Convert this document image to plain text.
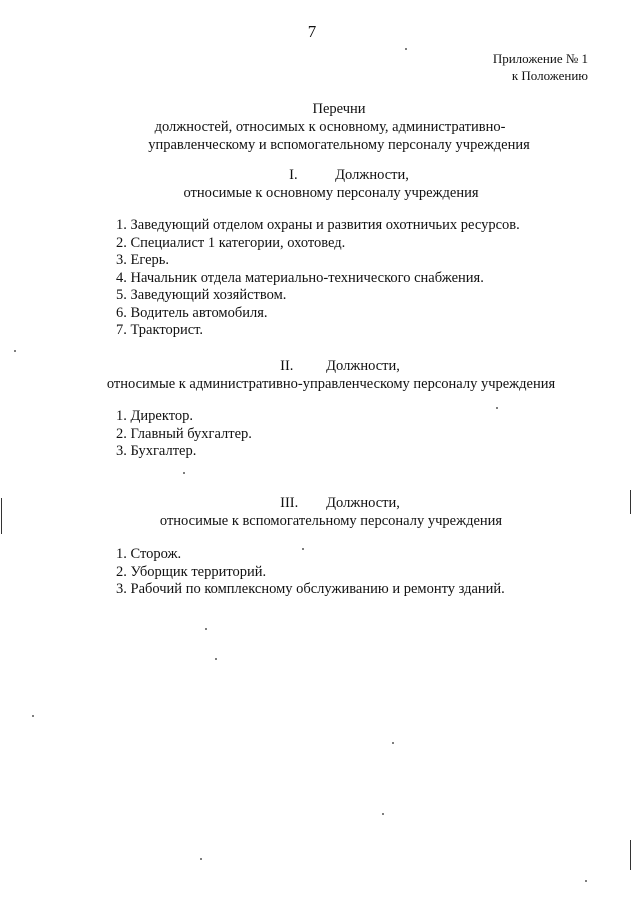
7
Приложение № 1
к Положению
Перечни
должностей, относимых к основному, административно-
управленческому и вспомогательному персоналу учреждения
I.	Должности,
относимые к основному персоналу учреждения
1. Заведующий отделом охраны и развития охотничьих ресурсов.
2. Специалист 1 категории, охотовед.
3. Егерь.
4. Начальник отдела материально-технического снабжения.
5. Заведующий хозяйством.
6. Водитель автомобиля.
7. Тракторист.
II. Должности,
относимые к административно-управленческому персоналу учреждения
1. Директор.
2. Главный бухгалтер.
3. Бухгалтер.
III. Должности,
относимые к вспомогательному персоналу учреждения
1. Сторож.
2. Уборщик территорий.
3. Рабочий по комплексному обслуживанию и ремонту зданий.
